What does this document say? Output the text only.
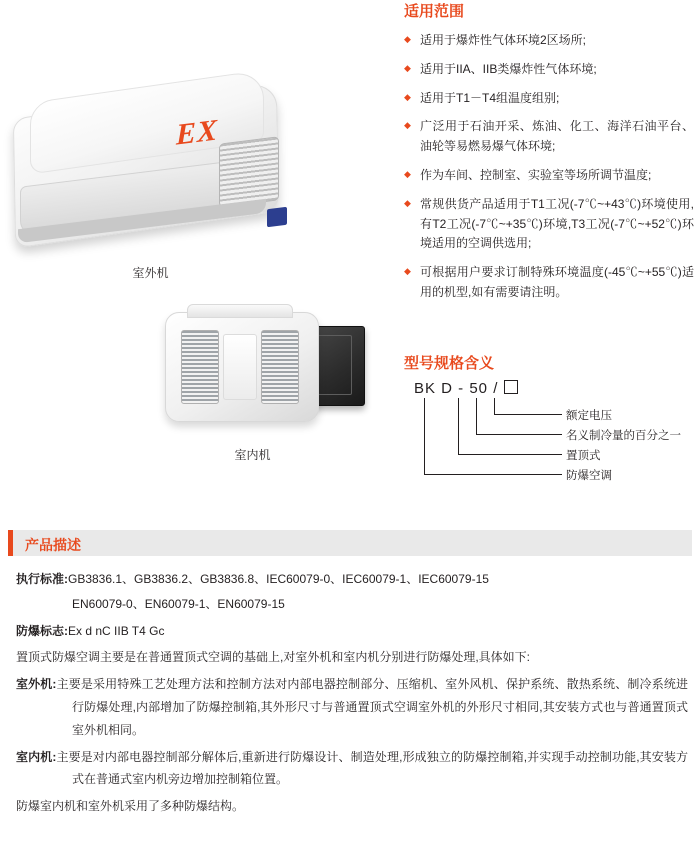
EX
室外机
室内机
适用范围
◆ 适用于爆炸性气体环境2区场所;
◆ 适用于IIA、IIB类爆炸性气体环境;
◆ 适用于T1－T4组温度组别;
◆ 广泛用于石油开采、炼油、化工、海洋石油平台、油轮等易燃易爆气体环境;
◆ 作为车间、控制室、实验室等场所调节温度;
◆ 常规供货产品适用于T1工况(-7℃~+43℃)环境使用,有T2工况(-7℃~+35℃)环境,T3工况(-7℃~+52℃)环境适用的空调供选用;
◆ 可根据用户要求订制特殊环境温度(-45℃~+55℃)适用的机型,如有需要请注明。
型号规格含义
BK D - 50 /
额定电压
名义制冷量的百分之一
置顶式
防爆空调
产品描述
执行标准:GB3836.1、GB3836.2、GB3836.8、IEC60079-0、IEC60079-1、IEC60079-15
EN60079-0、EN60079-1、EN60079-15
防爆标志:Ex d nC IIB T4 Gc
置顶式防爆空调主要是在普通置顶式空调的基础上,对室外机和室内机分别进行防爆处理,具体如下:
室外机:主要是采用特殊工艺处理方法和控制方法对内部电器控制部分、压缩机、室外风机、保护系统、散热系统、制冷系统进行防爆处理,内部增加了防爆控制箱,其外形尺寸与普通置顶式空调室外机的外形尺寸相同,其安装方式也与普通置顶式室外机相同。
室内机:主要是对内部电器控制部分解体后,重新进行防爆设计、制造处理,形成独立的防爆控制箱,并实现手动控制功能,其安装方式在普通式室内机旁边增加控制箱位置。
防爆室内机和室外机采用了多种防爆结构。
